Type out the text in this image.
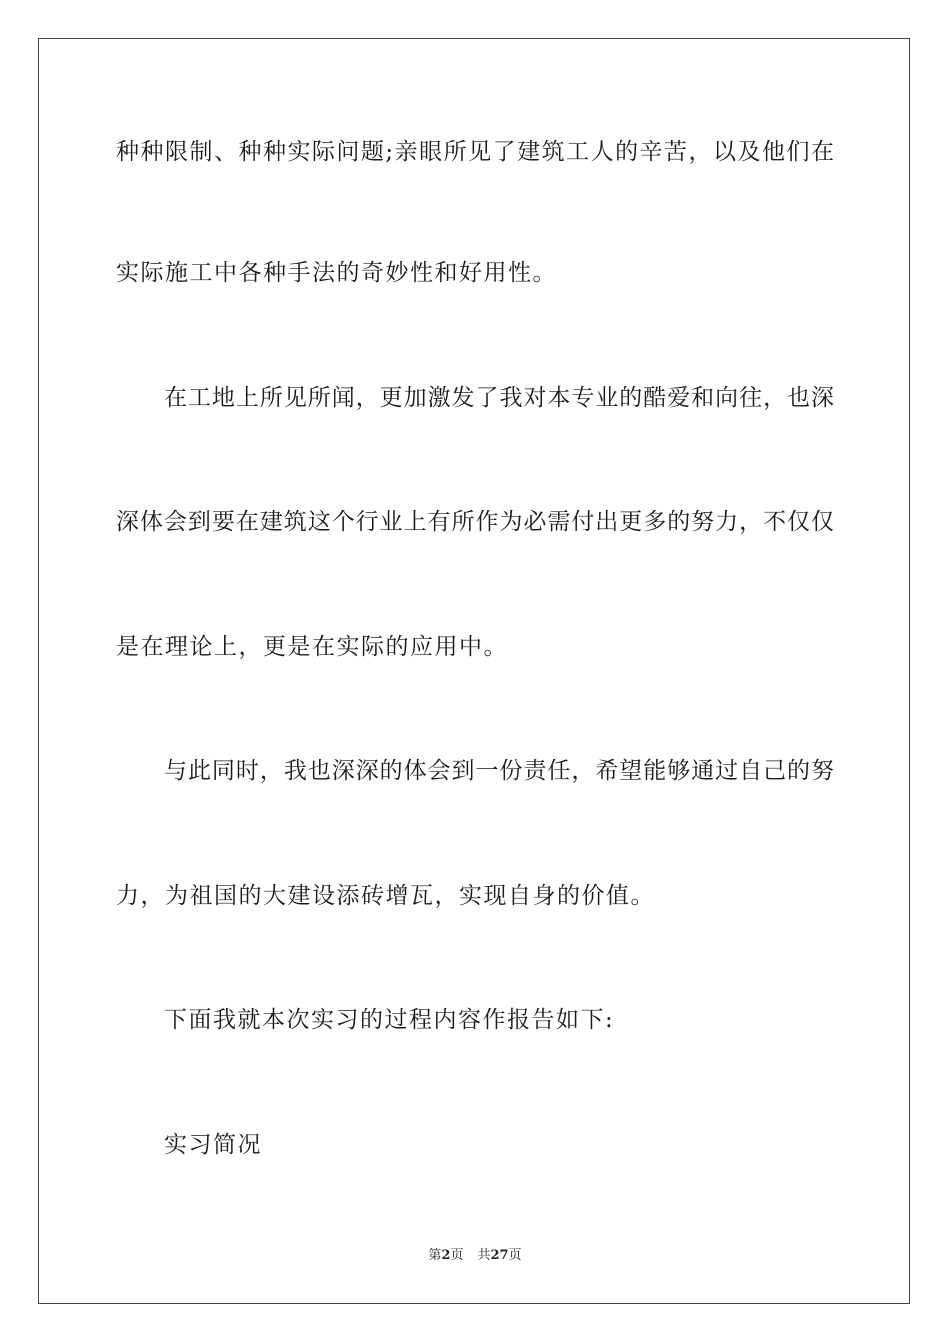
种种限制、种种实际问题;亲眼所见了建筑工人的辛苦，以及他们在

实际施工中各种手法的奇妙性和好用性。

在工地上所见所闻，更加激发了我对本专业的酷爱和向往，也深

深体会到要在建筑这个行业上有所作为必需付出更多的努力，不仅仅

是在理论上，更是在实际的应用中。

与此同时，我也深深的体会到一份责任，希望能够通过自己的努

力，为祖国的大建设添砖增瓦，实现自身的价值。

下面我就本次实习的过程内容作报告如下:

实习简况

第2页 共27页
